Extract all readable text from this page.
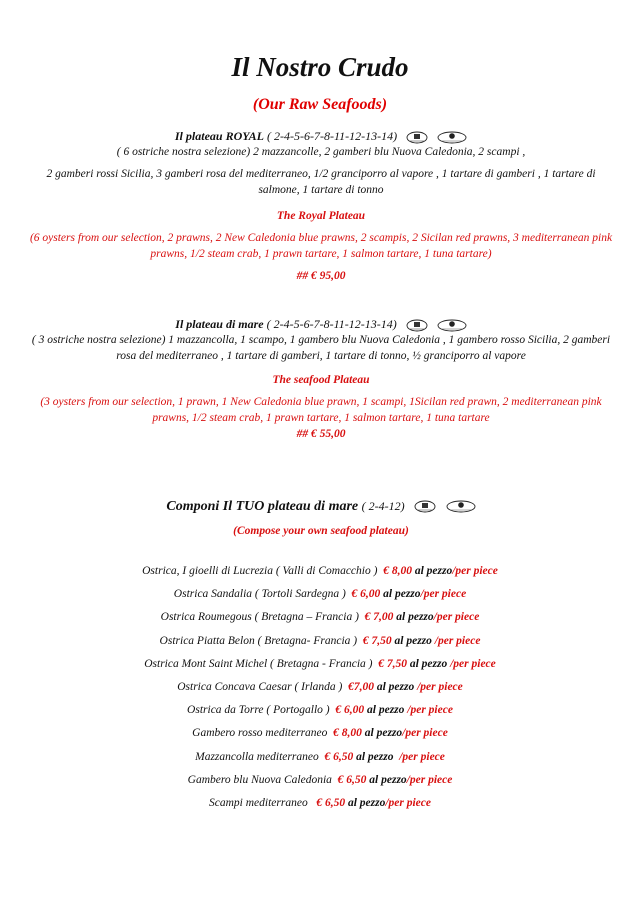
Il Nostro Crudo
(Our Raw Seafoods)
Il plateau ROYAL ( 2-4-5-6-7-8-11-12-13-14)

( 6 ostriche nostra selezione) 2 mazzancolle, 2 gamberi blu Nuova Caledonia, 2 scampi ,
2 gamberi rossi Sicilia, 3 gamberi rosa del mediterraneo, 1/2 granciporro al vapore , 1 tartare di gamberi , 1 tartare di salmone, 1 tartare di tonno
The Royal Plateau
(6 oysters from our selection, 2 prawns, 2 New Caledonia blue prawns, 2 scampis, 2 Sicilan red prawns, 3 mediterranean pink prawns, 1/2 steam crab, 1 prawn tartare, 1 salmon tartare, 1 tuna tartare)
## € 95,00
Il plateau di mare ( 2-4-5-6-7-8-11-12-13-14)

( 3 ostriche nostra selezione) 1 mazzancolla, 1 scampo, 1 gambero blu Nuova Caledonia , 1 gambero rosso Sicilia, 2 gamberi rosa del mediterraneo , 1 tartare di gamberi, 1 tartare di tonno, ½ granciporro al vapore
The seafood Plateau
(3 oysters from our selection, 1 prawn, 1 New Caledonia blue prawn, 1 scampi, 1Sicilan red prawn, 2 mediterranean pink prawns, 1/2 steam crab, 1 prawn tartare, 1 salmon tartare, 1 tuna tartare
## € 55,00
Componi Il TUO plateau di mare ( 2-4-12)

(Compose your own seafood plateau)
Ostrica, I gioelli di Lucrezia ( Valli di Comacchio ) € 8,00 al pezzo/per piece
Ostrica Sandalia ( Tortoli Sardegna ) € 6,00 al pezzo/per piece
Ostrica Roumegous ( Bretagna – Francia ) € 7,00 al pezzo/per piece
Ostrica Piatta Belon ( Bretagna- Francia ) € 7,50 al pezzo /per piece
Ostrica Mont Saint Michel ( Bretagna - Francia ) € 7,50 al pezzo /per piece
Ostrica Concava Caesar ( Irlanda ) €7,00 al pezzo /per piece
Ostrica da Torre ( Portogallo ) € 6,00 al pezzo /per piece
Gambero rosso mediterraneo € 8,00 al pezzo/per piece
Mazzancolla mediterraneo € 6,50 al pezzo /per piece
Gambero blu Nuova Caledonia € 6,50 al pezzo/per piece
Scampi mediterraneo € 6,50 al pezzo/per piece
